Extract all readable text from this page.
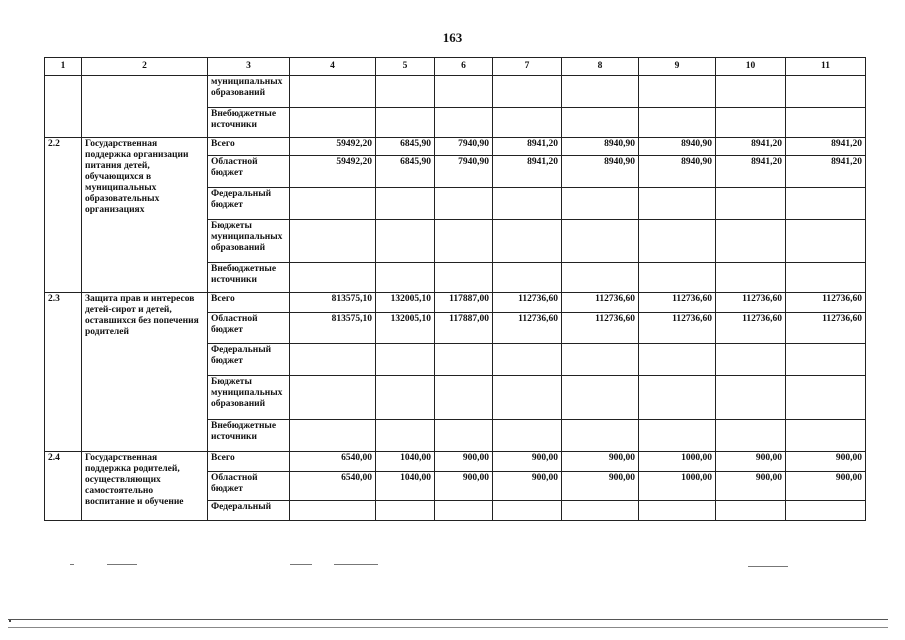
163
1	2	3	4	5	6	7	8	9	10	11
		муниципальных образований								
		Внебюджетные источники								
2.2	Государственная поддержка организации питания детей, обучающихся в муниципальных образовательных организациях	Всего	59492,20	6845,90	7940,90	8941,20	8940,90	8940,90	8941,20	8941,20
		Областной бюджет	59492,20	6845,90	7940,90	8941,20	8940,90	8940,90	8941,20	8941,20
		Федеральный бюджет								
		Бюджеты муниципальных образований								
		Внебюджетные источники								
2.3	Защита прав и интересов детей-сирот и детей, оставшихся без попечения родителей	Всего	813575,10	132005,10	117887,00	112736,60	112736,60	112736,60	112736,60	112736,60
		Областной бюджет	813575,10	132005,10	117887,00	112736,60	112736,60	112736,60	112736,60	112736,60
		Федеральный бюджет								
		Бюджеты муниципальных образований								
		Внебюджетные источники								
2.4	Государственная поддержка родителей, осуществляющих самостоятельно воспитание и обучение	Всего	6540,00	1040,00	900,00	900,00	900,00	1000,00	900,00	900,00
		Областной бюджет	6540,00	1040,00	900,00	900,00	900,00	1000,00	900,00	900,00
		Федеральный								
